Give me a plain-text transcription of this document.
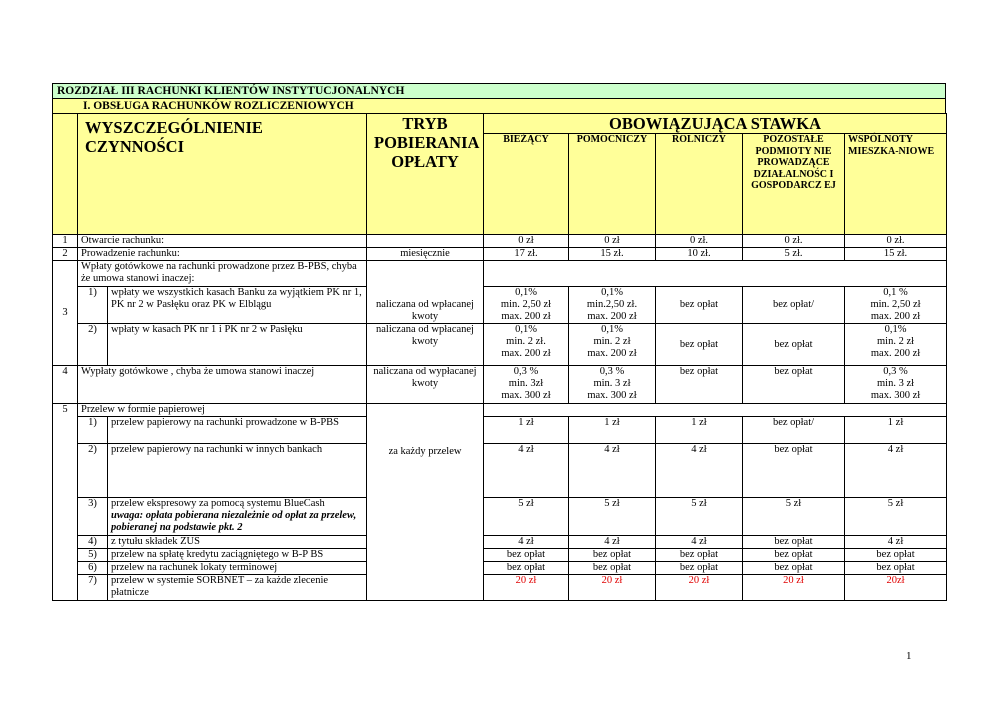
ROZDZIAŁ III RACHUNKI KLIENTÓW INSTYTUCJONALNYCH
I. OBSŁUGA RACHUNKÓW ROZLICZENIOWYCH

	WYSZCZEGÓLNIENIE CZYNNOŚCI		TRYB POBIERANIA OPŁATY	OBOWIĄZUJĄCA STAWKA				

				BIEŻĄCY	POMOCNICZY	ROLNICZY	POZOSTAŁE PODMIOTY NIE PROWADZĄCE DZIAŁALNOŚC I GOSPODARCZ EJ	WSPÓLNOTY MIESZKA-NIOWE
1	Otwarcie rachunku:			0 zł	0 zł	0 zł.	0 zł.	0 zł.
2	Prowadzenie rachunku:		miesięcznie	17 zł.	15 zł.	10 zł.	5 zł.	15 zł.
3	Wpłaty gotówkowe na rachunki prowadzone przez B-PBS, chyba że umowa stanowi inaczej:		naliczana od wpłacanej kwoty					
	1)	wpłaty we wszystkich kasach Banku za wyjątkiem PK nr 1, PK nr 2 w Pasłęku oraz PK w Elblągu		0,1%
min. 2,50 zł
max. 200 zł	0,1%
min.2,50 zł.
max. 200 zł	bez opłat	bez opłat/	0,1 %
min. 2,50 zł
max. 200 zł
	2)	wpłaty w kasach PK nr 1 i PK nr 2 w Pasłęku	naliczana od wpłacanej kwoty	0,1%
min. 2 zł.
max. 200 zł	0,1%
min. 2 zł
max. 200 zł	bez opłat	bez opłat	0,1%
min. 2 zł
max. 200 zł
4	Wypłaty gotówkowe , chyba że umowa stanowi inaczej		naliczana od wypłacanej kwoty	0,3 %
min. 3zł
max. 300 zł	0,3 %
min. 3 zł
max. 300 zł	bez opłat	bez opłat	0,3 %
min. 3 zł
max. 300 zł
5	Przelew w formie papierowej		za każdy przelew					
	1)	przelew papierowy na rachunki prowadzone w B-PBS		1 zł	1 zł	1 zł	bez opłat/	1 zł
	2)	przelew papierowy na rachunki w innych bankach		4 zł	4 zł	4 zł	bez opłat	4 zł
	3)	przelew ekspresowy za pomocą systemu BlueCash
uwaga: opłata pobierana niezależnie od opłat za przelew, pobieranej na podstawie pkt. 2		5 zł	5 zł	5 zł	5 zł	5 zł
	4)	z tytułu składek ZUS		4 zł	4 zł	4 zł	bez opłat	4 zł
	5)	przelew na spłatę kredytu zaciągniętego w B-P BS		bez opłat	bez opłat	bez opłat	bez opłat	bez opłat
	6)	przelew na rachunek lokaty terminowej		bez opłat	bez opłat	bez opłat	bez opłat	bez opłat
	7)	przelew w systemie SORBNET – za każde zlecenie płatnicze		20 zł	20 zł	20 zł	20 zł	20zł
1
